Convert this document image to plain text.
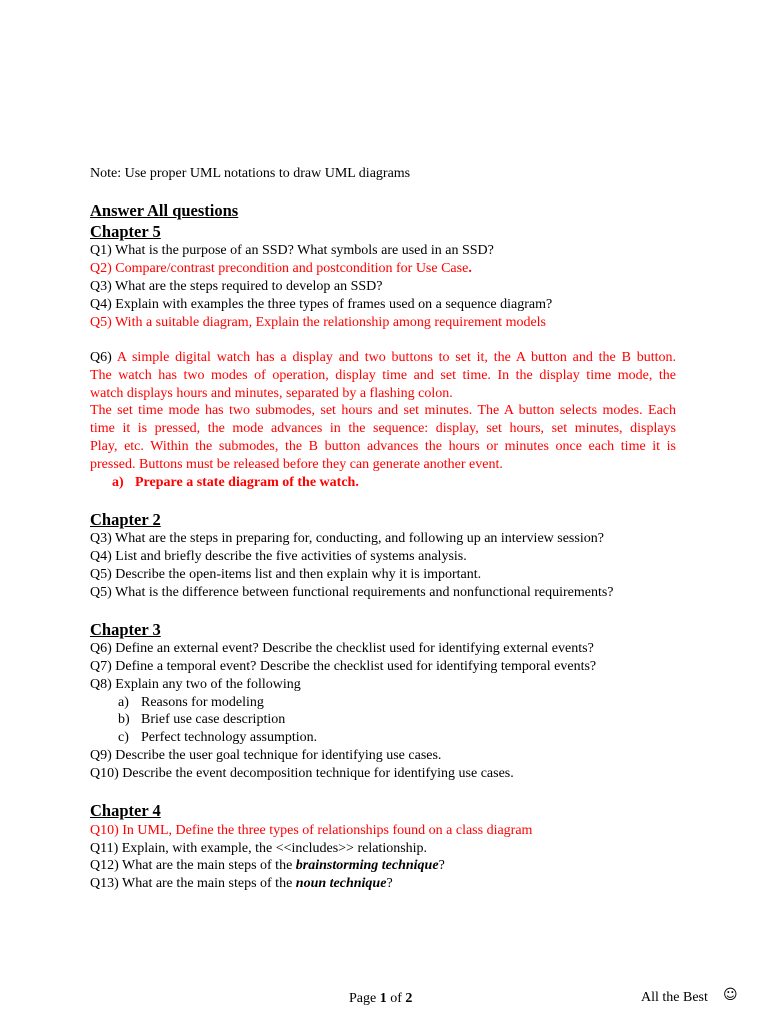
Note: Use proper UML notations to draw UML diagrams
Answer All questions
Chapter 5
Q1) What is the purpose of an SSD? What symbols are used in an SSD?
Q2) Compare/contrast precondition and postcondition for Use Case.
Q3) What are the steps required to develop an SSD?
Q4) Explain with examples the three types of frames used on a sequence diagram?
Q5) With a suitable diagram, Explain the relationship among requirement models
Q6) A simple digital watch has a display and two buttons to set it, the A button and the B button.
The watch has two modes of operation, display time and set time. In the display time mode, the
watch displays hours and minutes, separated by a flashing colon.
The set time mode has two submodes, set hours and set minutes. The A button selects modes. Each
time it is pressed, the mode advances in the sequence: display, set hours, set minutes, displays
Play, etc. Within the submodes, the B button advances the hours or minutes once each time it is
pressed. Buttons must be released before they can generate another event.
a) Prepare a state diagram of the watch.
Chapter 2
Q3) What are the steps in preparing for, conducting, and following up an interview session?
Q4) List and briefly describe the five activities of systems analysis.
Q5) Describe the open-items list and then explain why it is important.
Q5) What is the difference between functional requirements and nonfunctional requirements?
Chapter 3
Q6) Define an external event? Describe the checklist used for identifying external events?
Q7) Define a temporal event? Describe the checklist used for identifying temporal events?
Q8) Explain any two of the following
a) Reasons for modeling
b) Brief use case description
c) Perfect technology assumption.
Q9) Describe the user goal technique for identifying use cases.
Q10) Describe the event decomposition technique for identifying use cases.
Chapter 4
Q10) In UML, Define the three types of relationships found on a class diagram
Q11) Explain, with example, the <<includes>> relationship.
Q12) What are the main steps of the brainstorming technique?
Q13) What are the main steps of the noun technique?
Page 1 of 2	All the Best ☺
